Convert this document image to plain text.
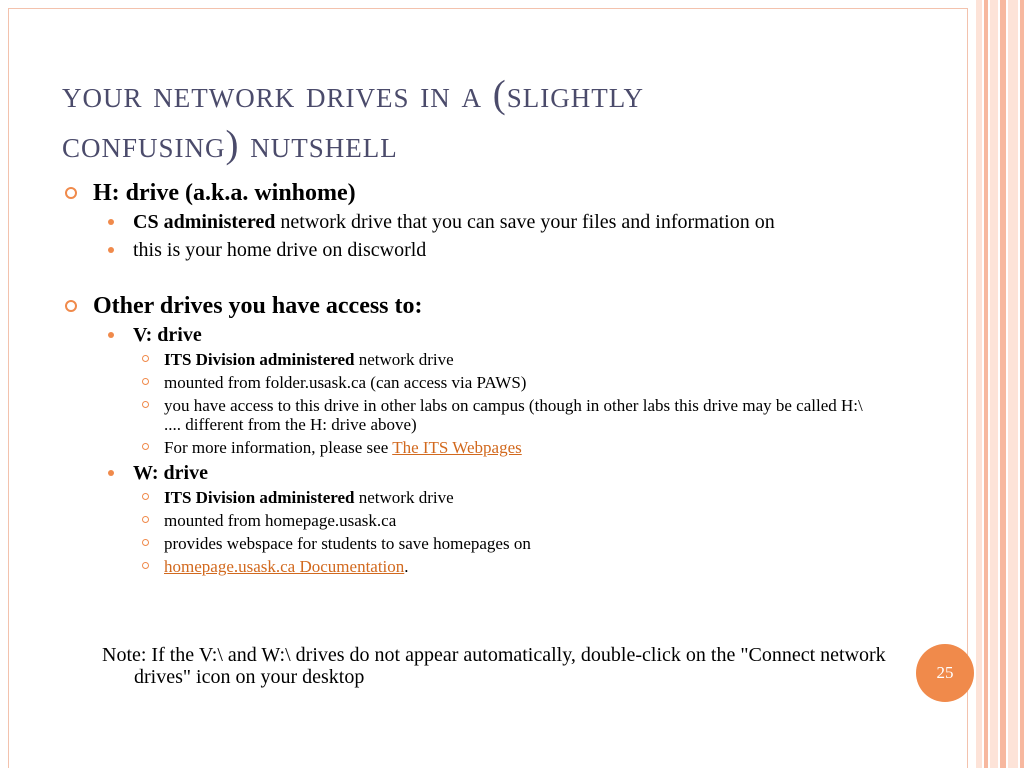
your network drives in a (slightly
confusing) nutshell
H: drive (a.k.a. winhome)
CS administered network drive that you can save your files and information on
this is your home drive on discworld
Other drives you have access to:
V: drive
ITS Division administered network drive
mounted from folder.usask.ca (can access via PAWS)
you have access to this drive in other labs on campus (though in other labs this drive may be called H:\ .... different from the H: drive above)
For more information, please see The ITS Webpages
W: drive
ITS Division administered network drive
mounted from homepage.usask.ca
provides webspace for students to save homepages on
homepage.usask.ca Documentation.
Note: If the V:\ and W:\ drives do not appear automatically, double-click on the "Connect network drives" icon on your desktop	25
